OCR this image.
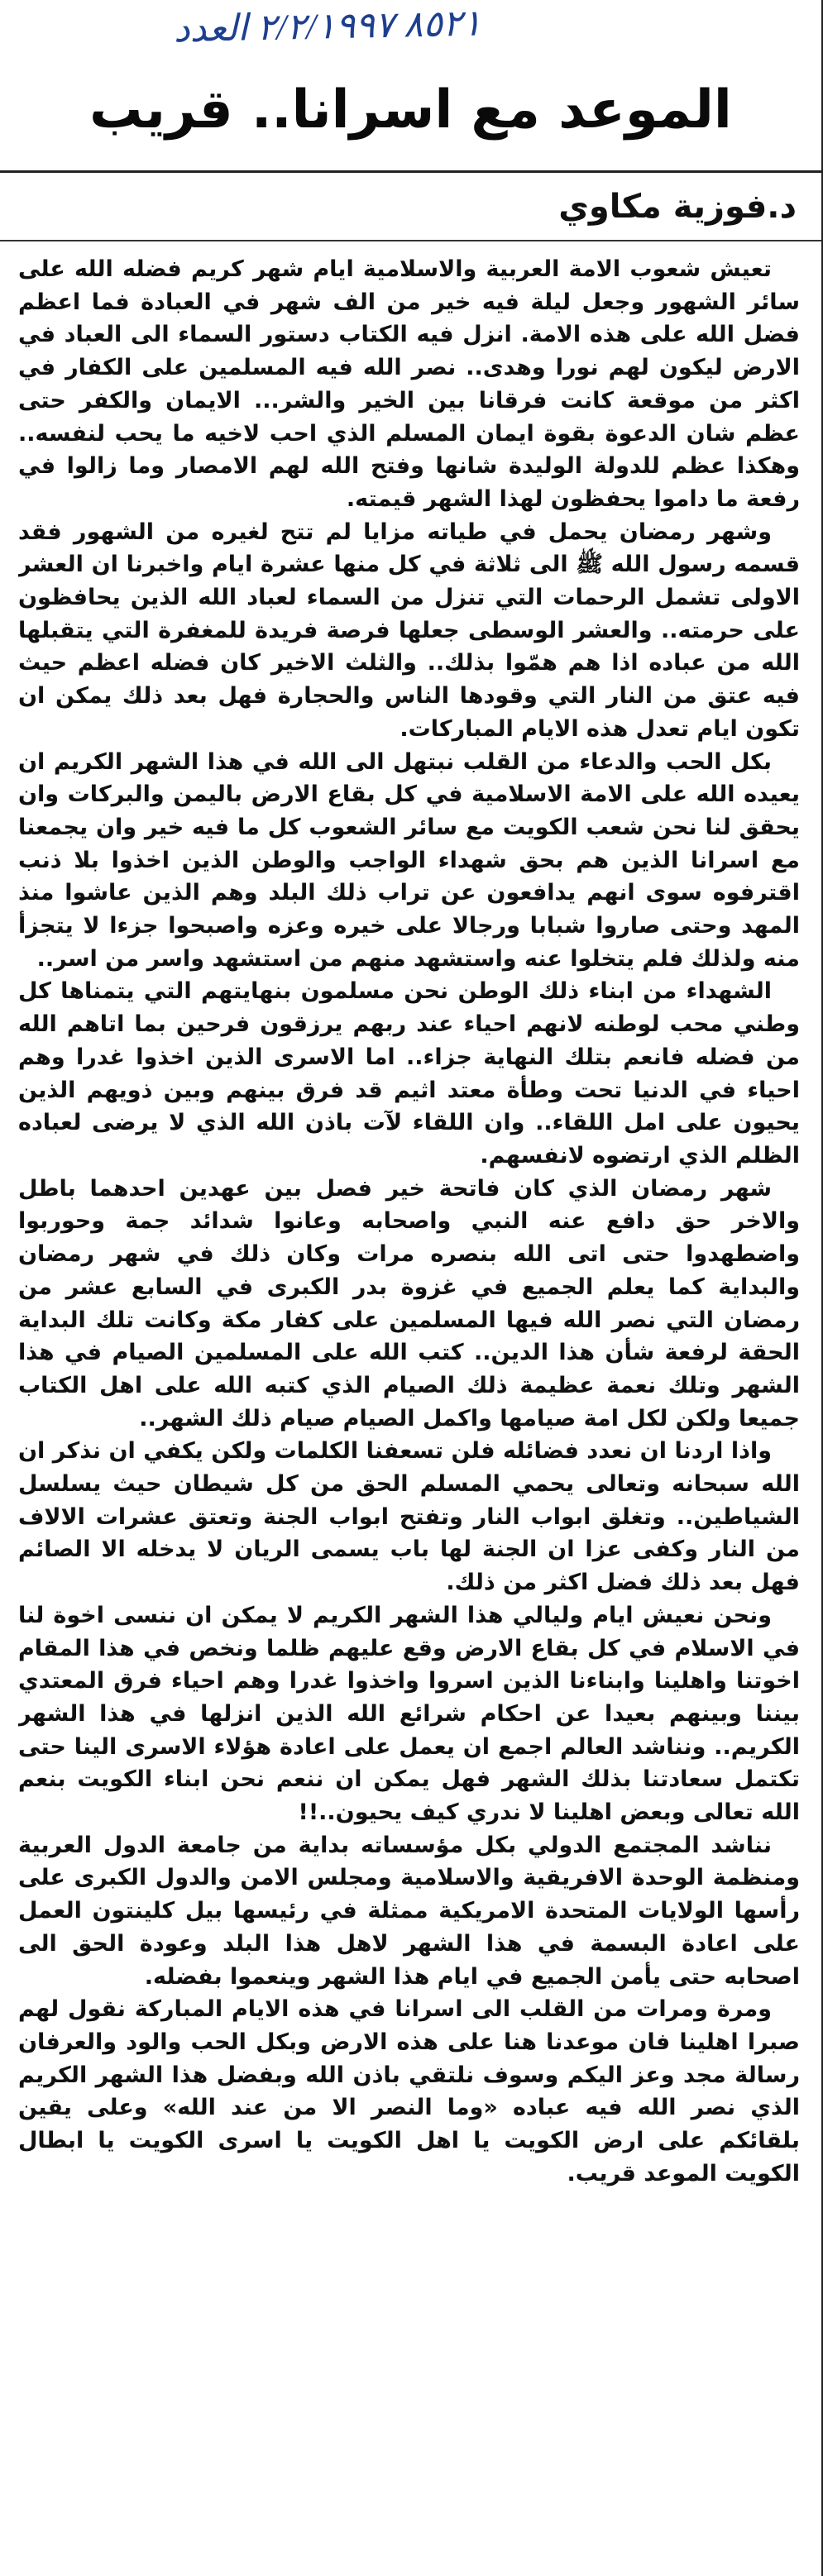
٨٥٢١ ٢/٢/١٩٩٧ العدد
الموعد مع اسرانا.. قريب
د.فوزية مكاوي

تعيش شعوب الامة العربية والاسلامية ايام شهر كريم فضله الله على سائر الشهور وجعل ليلة فيه خير من الف شهر في العبادة فما اعظم فضل الله على هذه الامة. انزل فيه الكتاب دستور السماء الى العباد في الارض ليكون لهم نورا وهدى.. نصر الله فيه المسلمين على الكفار في اكثر من موقعة كانت فرقانا بين الخير والشر... الايمان والكفر حتى عظم شان الدعوة بقوة ايمان المسلم الذي احب لاخيه ما يحب لنفسه.. وهكذا عظم للدولة الوليدة شانها وفتح الله لهم الامصار وما زالوا في رفعة ما داموا يحفظون لهذا الشهر قيمته.

وشهر رمضان يحمل في طياته مزايا لم تتح لغيره من الشهور فقد قسمه رسول الله ﷺ الى ثلاثة في كل منها عشرة ايام واخبرنا ان العشر الاولى تشمل الرحمات التي تنزل من السماء لعباد الله الذين يحافظون على حرمته.. والعشر الوسطى جعلها فرصة فريدة للمغفرة التي يتقبلها الله من عباده اذا هم همّوا بذلك.. والثلث الاخير كان فضله اعظم حيث فيه عتق من النار التي وقودها الناس والحجارة فهل بعد ذلك يمكن ان تكون ايام تعدل هذه الايام المباركات.

بكل الحب والدعاء من القلب نبتهل الى الله في هذا الشهر الكريم ان يعيده الله على الامة الاسلامية في كل بقاع الارض باليمن والبركات وان يحقق لنا نحن شعب الكويت مع سائر الشعوب كل ما فيه خير وان يجمعنا مع اسرانا الذين هم بحق شهداء الواجب والوطن الذين اخذوا بلا ذنب اقترفوه سوى انهم يدافعون عن تراب ذلك البلد وهم الذين عاشوا منذ المهد وحتى صاروا شبابا ورجالا على خيره وعزه واصبحوا جزءا لا يتجزأ منه ولذلك فلم يتخلوا عنه واستشهد منهم من استشهد واسر من اسر..

الشهداء من ابناء ذلك الوطن نحن مسلمون بنهايتهم التي يتمناها كل وطني محب لوطنه لانهم احياء عند ربهم يرزقون فرحين بما اتاهم الله من فضله فانعم بتلك النهاية جزاء.. اما الاسرى الذين اخذوا غدرا وهم احياء في الدنيا تحت وطأة معتد اثيم قد فرق بينهم وبين ذويهم الذين يحيون على امل اللقاء.. وان اللقاء لآت باذن الله الذي لا يرضى لعباده الظلم الذي ارتضوه لانفسهم.

شهر رمضان الذي كان فاتحة خير فصل بين عهدين احدهما باطل والاخر حق دافع عنه النبي واصحابه وعانوا شدائد جمة وحوربوا واضطهدوا حتى اتى الله بنصره مرات وكان ذلك في شهر رمضان والبداية كما يعلم الجميع في غزوة بدر الكبرى في السابع عشر من رمضان التي نصر الله فيها المسلمين على كفار مكة وكانت تلك البداية الحقة لرفعة شأن هذا الدين.. كتب الله على المسلمين الصيام في هذا الشهر وتلك نعمة عظيمة ذلك الصيام الذي كتبه الله على اهل الكتاب جميعا ولكن لكل امة صيامها واكمل الصيام صيام ذلك الشهر..

واذا اردنا ان نعدد فضائله فلن تسعفنا الكلمات ولكن يكفي ان نذكر ان الله سبحانه وتعالى يحمي المسلم الحق من كل شيطان حيث يسلسل الشياطين.. وتغلق ابواب النار وتفتح ابواب الجنة وتعتق عشرات الالاف من النار وكفى عزا ان الجنة لها باب يسمى الريان لا يدخله الا الصائم فهل بعد ذلك فضل اكثر من ذلك.

ونحن نعيش ايام وليالي هذا الشهر الكريم لا يمكن ان ننسى اخوة لنا في الاسلام في كل بقاع الارض وقع عليهم ظلما ونخص في هذا المقام اخوتنا واهلينا وابناءنا الذين اسروا واخذوا غدرا وهم احياء فرق المعتدي بيننا وبينهم بعيدا عن احكام شرائع الله الذين انزلها في هذا الشهر الكريم.. ونناشد العالم اجمع ان يعمل على اعادة هؤلاء الاسرى الينا حتى تكتمل سعادتنا بذلك الشهر فهل يمكن ان ننعم نحن ابناء الكويت بنعم الله تعالى وبعض اهلينا لا ندري كيف يحيون..!!

نناشد المجتمع الدولي بكل مؤسساته بداية من جامعة الدول العربية ومنظمة الوحدة الافريقية والاسلامية ومجلس الامن والدول الكبرى على رأسها الولايات المتحدة الامريكية ممثلة في رئيسها بيل كلينتون العمل على اعادة البسمة في هذا الشهر لاهل هذا البلد وعودة الحق الى اصحابه حتى يأمن الجميع في ايام هذا الشهر وينعموا بفضله.

ومرة ومرات من القلب الى اسرانا في هذه الايام المباركة نقول لهم صبرا اهلينا فان موعدنا هنا على هذه الارض وبكل الحب والود والعرفان رسالة مجد وعز اليكم وسوف نلتقي باذن الله وبفضل هذا الشهر الكريم الذي نصر الله فيه عباده «وما النصر الا من عند الله» وعلى يقين بلقائكم على ارض الكويت يا اهل الكويت يا اسرى الكويت يا ابطال الكويت الموعد قريب.
